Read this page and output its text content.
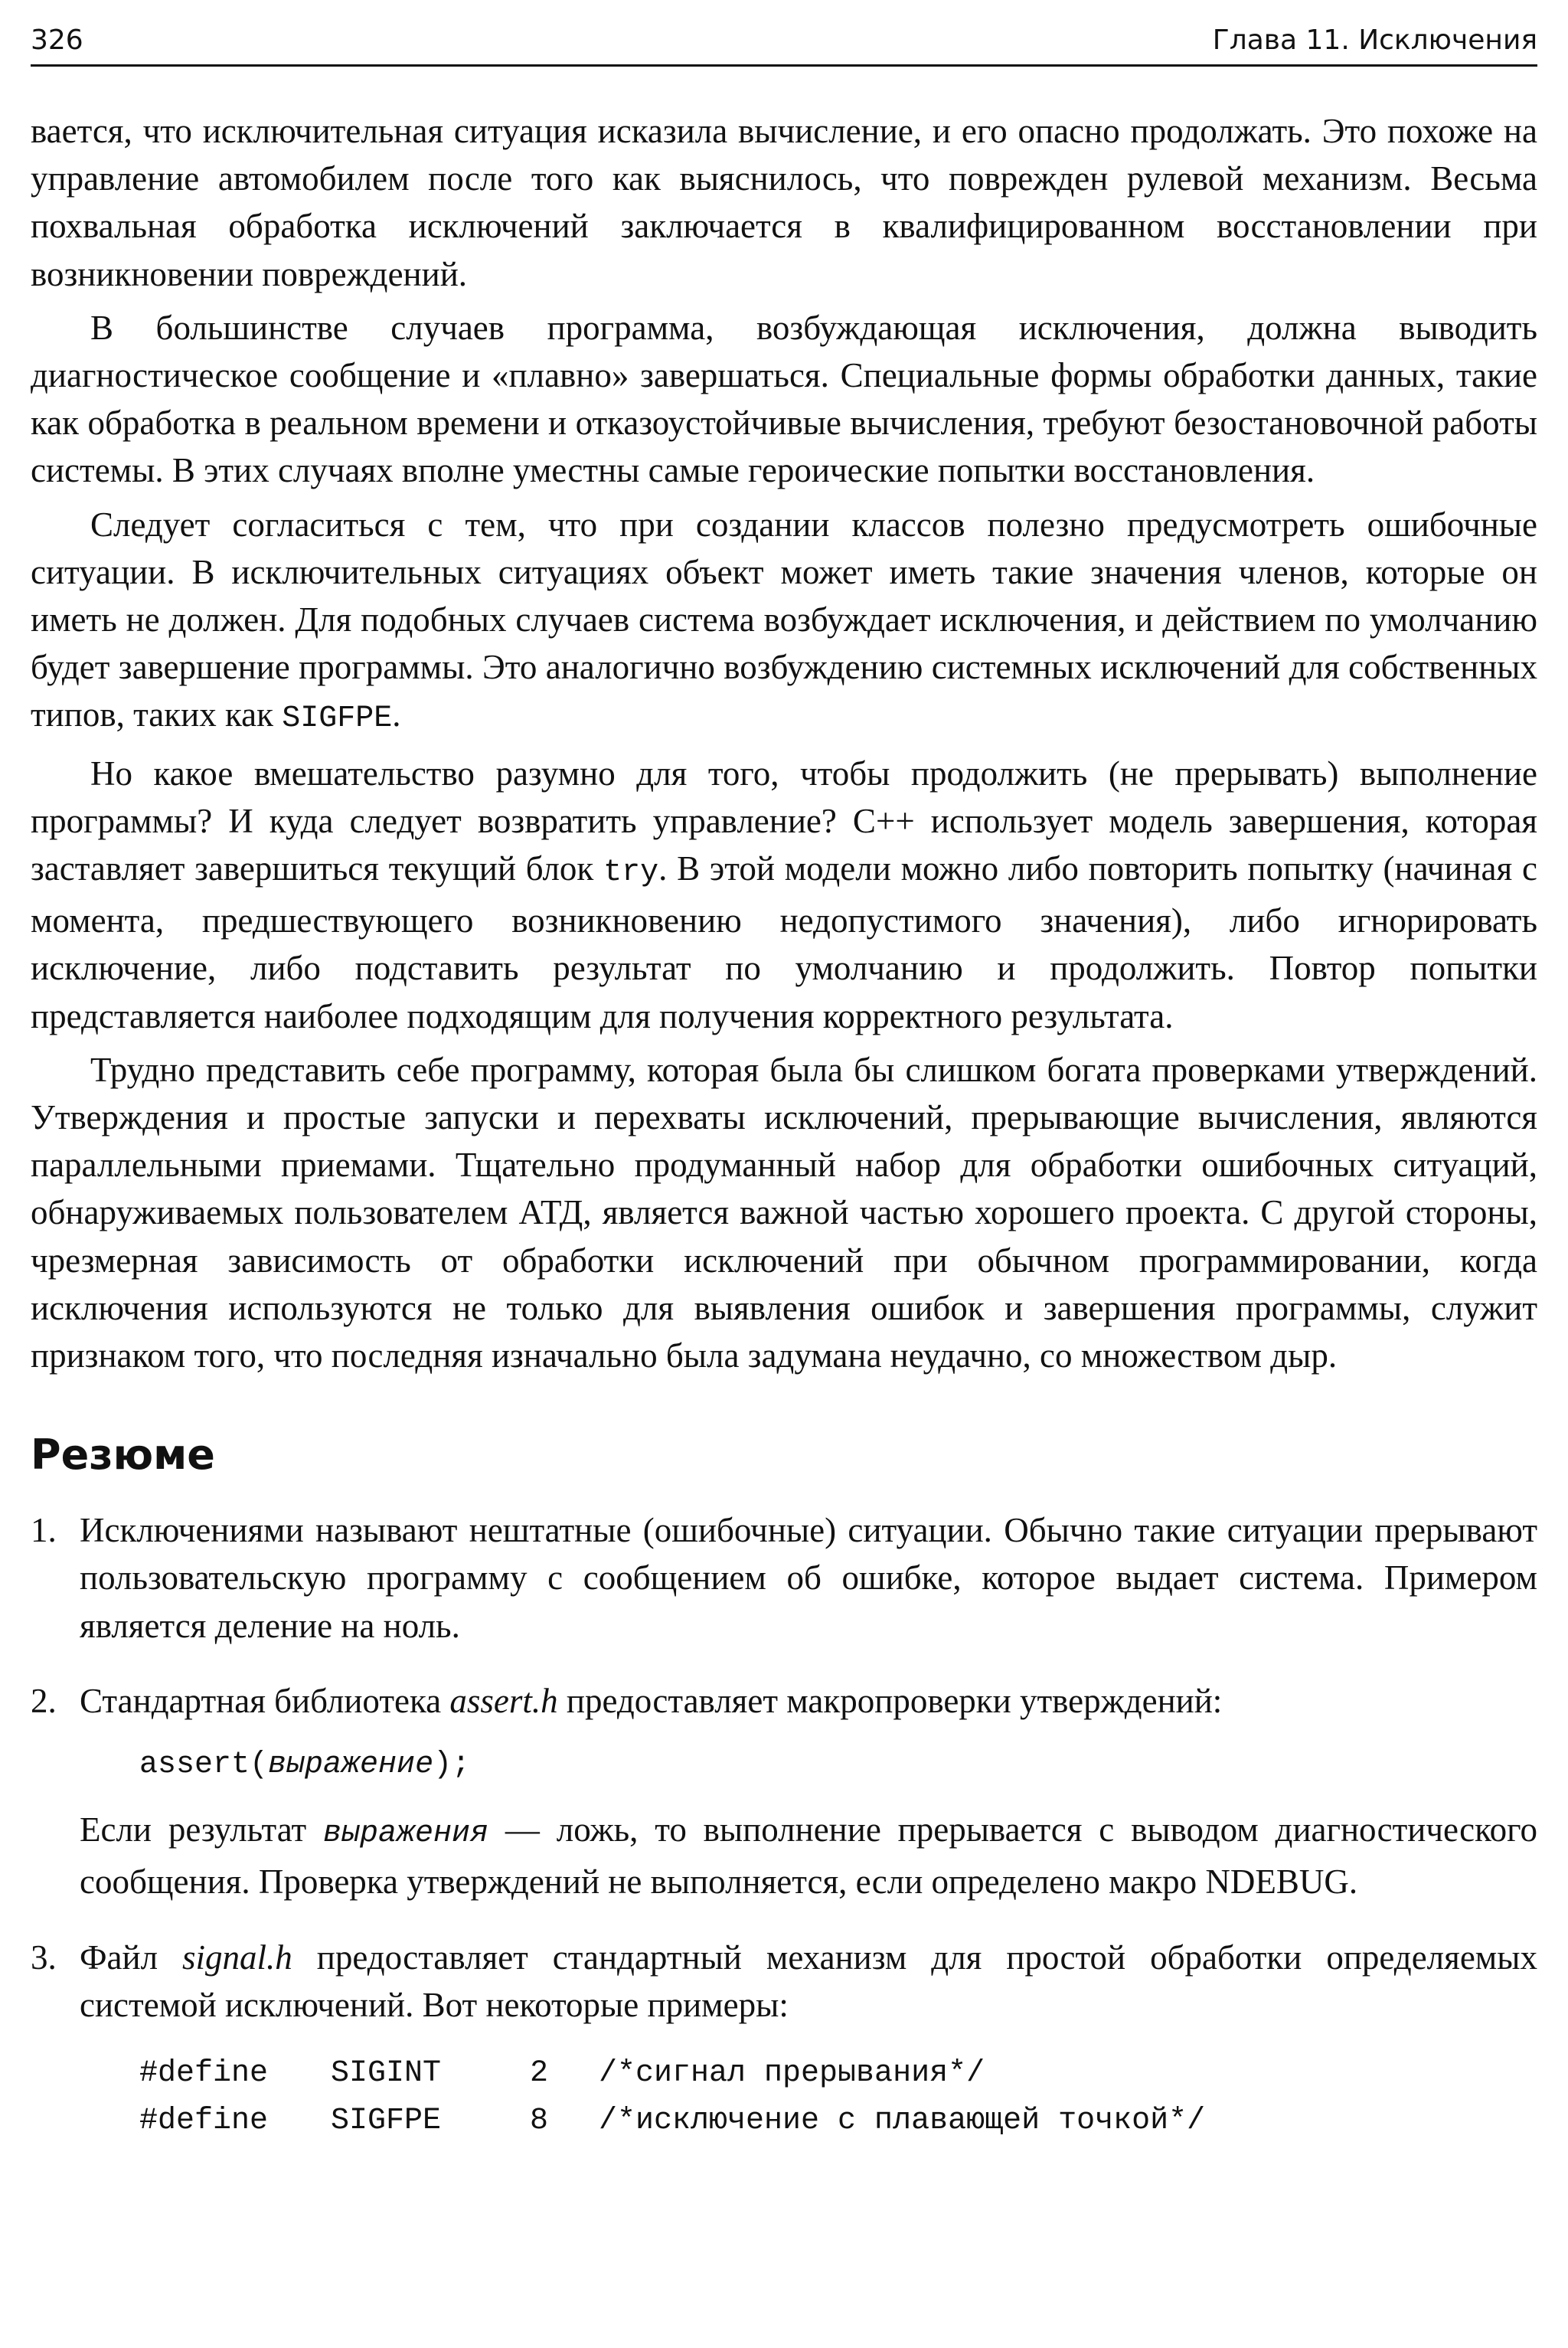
326	Глава 11. Исключения

вается, что исключительная ситуация исказила вычисление, и его опасно продолжать. Это похоже на управление автомобилем после того как выяснилось, что поврежден рулевой механизм. Весьма похвальная обработка исключений заключается в квалифицированном восстановлении при возникновении повреждений.

В большинстве случаев программа, возбуждающая исключения, должна выводить диагностическое сообщение и «плавно» завершаться. Специальные формы обработки данных, такие как обработка в реальном времени и отказоустойчивые вычисления, требуют безостановочной работы системы. В этих случаях вполне уместны самые героические попытки восстановления.

Следует согласиться с тем, что при создании классов полезно предусмотреть ошибочные ситуации. В исключительных ситуациях объект может иметь такие значения членов, которые он иметь не должен. Для подобных случаев система возбуждает исключения, и действием по умолчанию будет завершение программы. Это аналогично возбуждению системных исключений для собственных типов, таких как SIGFPE.

Но какое вмешательство разумно для того, чтобы продолжить (не прерывать) выполнение программы? И куда следует возвратить управление? C++ использует модель завершения, которая заставляет завершиться текущий блок try. В этой модели можно либо повторить попытку (начиная с момента, предшествующего возникновению недопустимого значения), либо игнорировать исключение, либо подставить результат по умолчанию и продолжить. Повтор попытки представляется наиболее подходящим для получения корректного результата.

Трудно представить себе программу, которая была бы слишком богата проверками утверждений. Утверждения и простые запуски и перехваты исключений, прерывающие вычисления, являются параллельными приемами. Тщательно продуманный набор для обработки ошибочных ситуаций, обнаруживаемых пользователем АТД, является важной частью хорошего проекта. С другой стороны, чрезмерная зависимость от обработки исключений при обычном программировании, когда исключения используются не только для выявления ошибок и завершения программы, служит признаком того, что последняя изначально была задумана неудачно, со множеством дыр.

Резюме
1. Исключениями называют нештатные (ошибочные) ситуации. Обычно такие ситуации прерывают пользовательскую программу с сообщением об ошибке, которое выдает система. Примером является деление на ноль.
2. Стандартная библиотека assert.h предоставляет макропроверки утверждений:
assert(выражение);
Если результат выражения — ложь, то выполнение прерывается с выводом диагностического сообщения. Проверка утверждений не выполняется, если определено макро NDEBUG.
3. Файл signal.h предоставляет стандартный механизм для простой обработки определяемых системой исключений. Вот некоторые примеры:
#define	SIGINT	2	/*сигнал прерывания*/
#define	SIGFPE	8	/*исключение с плавающей точкой*/
